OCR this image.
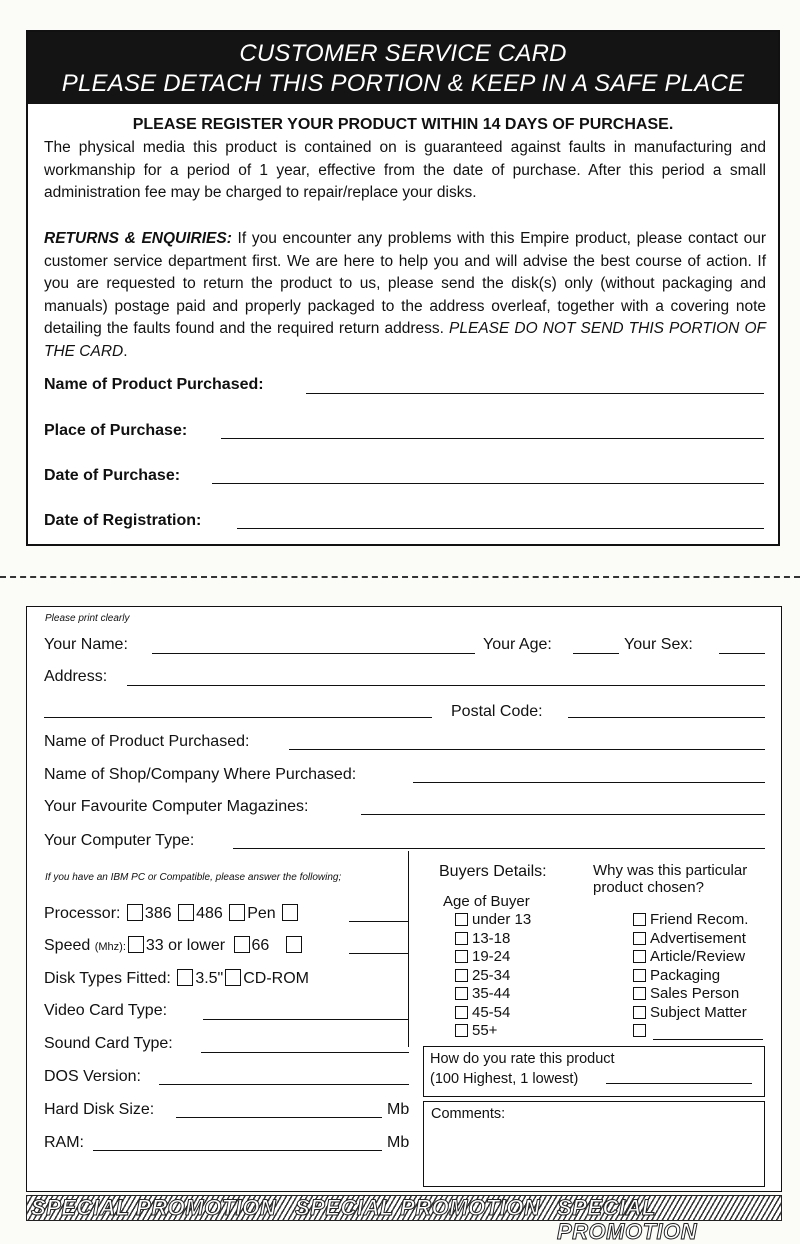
CUSTOMER SERVICE CARD
PLEASE DETACH THIS PORTION & KEEP IN A SAFE PLACE
PLEASE REGISTER YOUR PRODUCT WITHIN 14 DAYS OF PURCHASE.
The physical media this product is contained on is guaranteed against faults in manufacturing and workmanship for a period of 1 year, effective from the date of purchase. After this period a small administration fee may be charged to repair/replace your disks.
RETURNS & ENQUIRIES: If you encounter any problems with this Empire product, please contact our customer service department first. We are here to help you and will advise the best course of action. If you are requested to return the product to us, please send the disk(s) only (without packaging and manuals) postage paid and properly packaged to the address overleaf, together with a covering note detailing the faults found and the required return address. PLEASE DO NOT SEND THIS PORTION OF THE CARD.
Name of Product Purchased:
Place of Purchase:
Date of Purchase:
Date of Registration:
Please print clearly
Your Name:	Your Age:	Your Sex:
Address:
Postal Code:
Name of Product Purchased:
Name of Shop/Company Where Purchased:
Your Favourite Computer Magazines:
Your Computer Type:
If you have an IBM PC or Compatible, please answer the following;
Processor: 386 486 Pen
Speed (Mhz): 33 or lower 66
Disk Types Fitted: 3.5" CD-ROM
Video Card Type:
Sound Card Type:
DOS Version:
Hard Disk Size:	Mb
RAM:	Mb
Buyers Details:
Age of Buyer
Why was this particular
product chosen?
under 13
13-18
19-24
25-34
35-44
45-54
55+
Friend Recom.
Advertisement
Article/Review
Packaging
Sales Person
Subject Matter
How do you rate this product
(100 Highest, 1 lowest)
Comments:
SPECIAL PROMOTION SPECIAL PROMOTION SPECIAL PROMOTION
